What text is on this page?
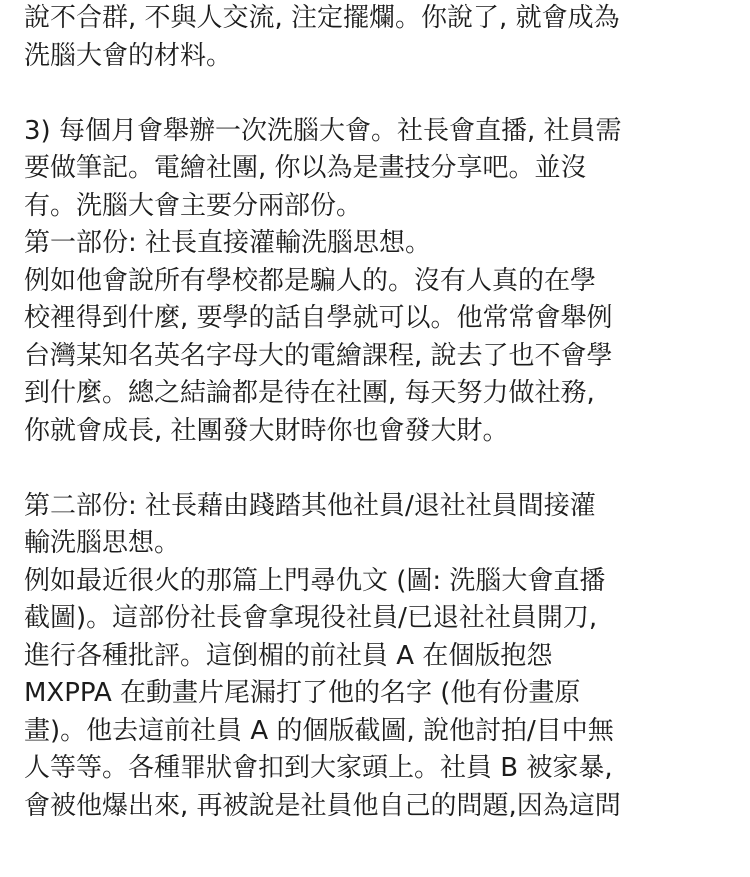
說不合群, 不與人交流, 注定擺爛。你說了, 就會成為
洗腦大會的材料。
3) 每個月會舉辦一次洗腦大會。社長會直播, 社員需
要做筆記。電繪社團, 你以為是畫技分享吧。並沒
有。洗腦大會主要分兩部份。
第一部份: 社長直接灌輸洗腦思想。
例如他會說所有學校都是騙人的。沒有人真的在學
校裡得到什麼, 要學的話自學就可以。他常常會舉例
台灣某知名英名字母大的電繪課程, 說去了也不會學
到什麼。總之結論都是待在社團, 每天努力做社務,
你就會成長, 社團發大財時你也會發大財。
第二部份: 社長藉由踐踏其他社員/退社社員間接灌
輸洗腦思想。
例如最近很火的那篇上門尋仇文 (圖: 洗腦大會直播
截圖)。這部份社長會拿現役社員/已退社社員開刀,
進行各種批評。這倒楣的前社員 A 在個版抱怨
MXPPA 在動畫片尾漏打了他的名字 (他有份畫原
畫)。他去這前社員 A 的個版截圖, 說他討拍/目中無
人等等。各種罪狀會扣到大家頭上。社員 B 被家暴,
會被他爆出來, 再被說是社員他自己的問題,因為這問
